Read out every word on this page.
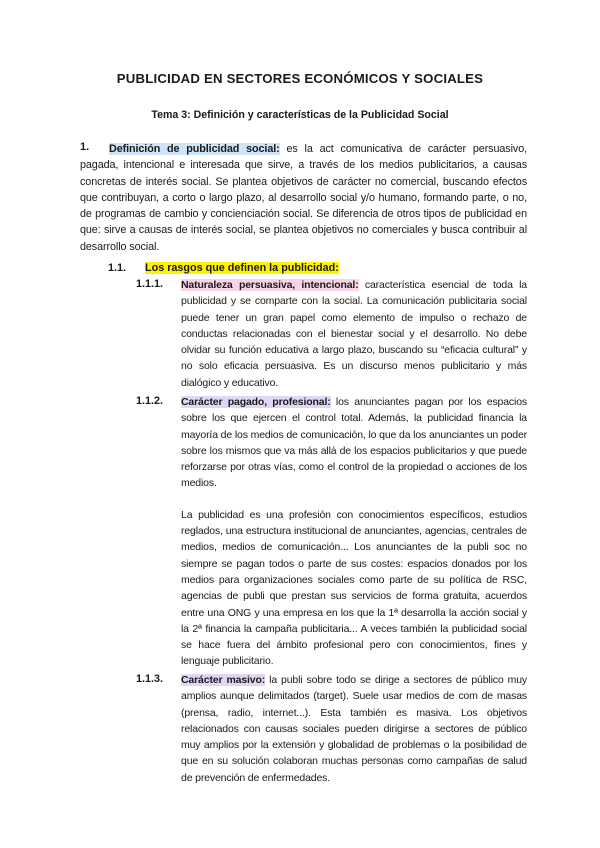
PUBLICIDAD EN SECTORES ECONÓMICOS Y SOCIALES
Tema 3: Definición y características de la Publicidad Social
1.	Definición de publicidad social: es la act comunicativa de carácter persuasivo, pagada, intencional e interesada que sirve, a través de los medios publicitarios, a causas concretas de interés social. Se plantea objetivos de carácter no comercial, buscando efectos que contribuyan, a corto o largo plazo, al desarrollo social y/o humano, formando parte, o no, de programas de cambio y concienciación social. Se diferencia de otros tipos de publicidad en que: sirve a causas de interés social, se plantea objetivos no comerciales y busca contribuir al desarrollo social.
1.1. Los rasgos que definen la publicidad:
1.1.1. Naturaleza persuasiva, intencional: característica esencial de toda la publicidad y se comparte con la social. La comunicación publicitaria social puede tener un gran papel como elemento de impulso o rechazo de conductas relacionadas con el bienestar social y el desarrollo. No debe olvidar su función educativa a largo plazo, buscando su “eficacia cultural” y no solo eficacia persuasiva. Es un discurso menos publicitario y más dialógico y educativo.

1.1.2. Carácter pagado, profesional: los anunciantes pagan por los espacios sobre los que ejercen el control total. Además, la publicidad financia la mayoría de los medios de comunicación, lo que da los anunciantes un poder sobre los mismos que va más allá de los espacios publicitarios y que puede reforzarse por otras vías, como el control de la propiedad o acciones de los medios.

La publicidad es una profesión con conocimientos específicos, estudios reglados, una estructura institucional de anunciantes, agencias, centrales de medios, medios de comunicación... Los anunciantes de la publi soc no siempre se pagan todos o parte de sus costes: espacios donados por los medios para organizaciones sociales como parte de su política de RSC, agencias de publi que prestan sus servicios de forma gratuita, acuerdos entre una ONG y una empresa en los que la 1ª desarrolla la acción social y la 2ª financia la campaña publicitaria... A veces también la publicidad social se hace fuera del ámbito profesional pero con conocimientos, fines y lenguaje publicitario.

1.1.3. Carácter masivo: la publi sobre todo se dirige a sectores de público muy amplios aunque delimitados (target). Suele usar medios de com de masas (prensa, radio, internet...). Esta también es masiva. Los objetivos relacionados con causas sociales pueden dirigirse a sectores de público muy amplios por la extensión y globalidad de problemas o la posibilidad de que en su solución colaboran muchas personas como campañas de salud de prevención de enfermedades.
